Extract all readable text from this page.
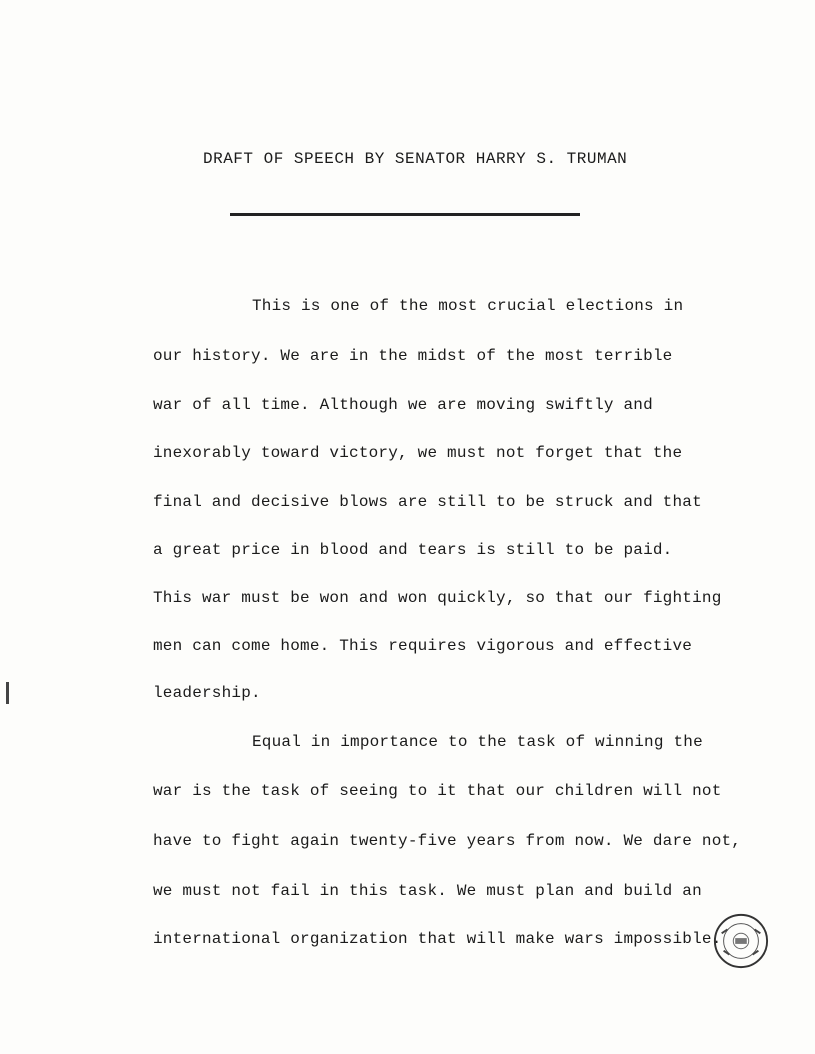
DRAFT OF SPEECH BY SENATOR HARRY S. TRUMAN
This is one of the most crucial elections in
our history. We are in the midst of the most terrible
war of all time. Although we are moving swiftly and
inexorably toward victory, we must not forget that the
final and decisive blows are still to be struck and that
a great price in blood and tears is still to be paid.
This war must be won and won quickly, so that our fighting
men can come home. This requires vigorous and effective
leadership.
Equal in importance to the task of winning the
war is the task of seeing to it that our children will not
have to fight again twenty-five years from now. We dare not,
we must not fail in this task. We must plan and build an
international organization that will make wars impossible.
